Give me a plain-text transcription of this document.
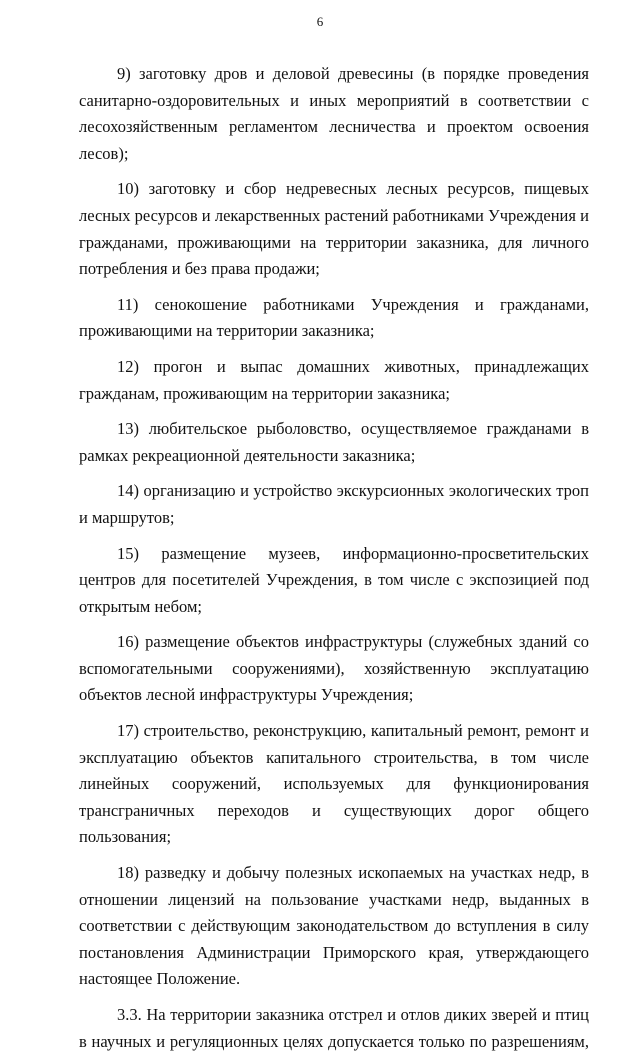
6

9) заготовку дров и деловой древесины (в порядке проведения санитарно-оздоровительных и иных мероприятий в соответствии с лесохозяйственным регламентом лесничества и проектом освоения лесов);

10) заготовку и сбор недревесных лесных ресурсов, пищевых лесных ресурсов и лекарственных растений работниками Учреждения и гражданами, проживающими на территории заказника, для личного потребления и без права продажи;

11) сенокошение работниками Учреждения и гражданами, проживающими на территории заказника;

12) прогон и выпас домашних животных, принадлежащих гражданам, проживающим на территории заказника;

13) любительское рыболовство, осуществляемое гражданами в рамках рекреационной деятельности заказника;

14) организацию и устройство экскурсионных экологических троп и маршрутов;

15) размещение музеев, информационно-просветительских центров для посетителей Учреждения, в том числе с экспозицией под открытым небом;

16) размещение объектов инфраструктуры (служебных зданий со вспомогательными сооружениями), хозяйственную эксплуатацию объектов лесной инфраструктуры Учреждения;

17) строительство, реконструкцию, капитальный ремонт, ремонт и эксплуатацию объектов капитального строительства, в том числе линейных сооружений, используемых для функционирования трансграничных переходов и существующих дорог общего пользования;

18) разведку и добычу полезных ископаемых на участках недр, в отношении лицензий на пользование участками недр, выданных в соответствии с действующим законодательством до вступления в силу постановления Администрации Приморского края, утверждающего настоящее Положение.

3.3. На территории заказника отстрел и отлов диких зверей и птиц в научных и регуляционных целях допускается только по разрешениям,
